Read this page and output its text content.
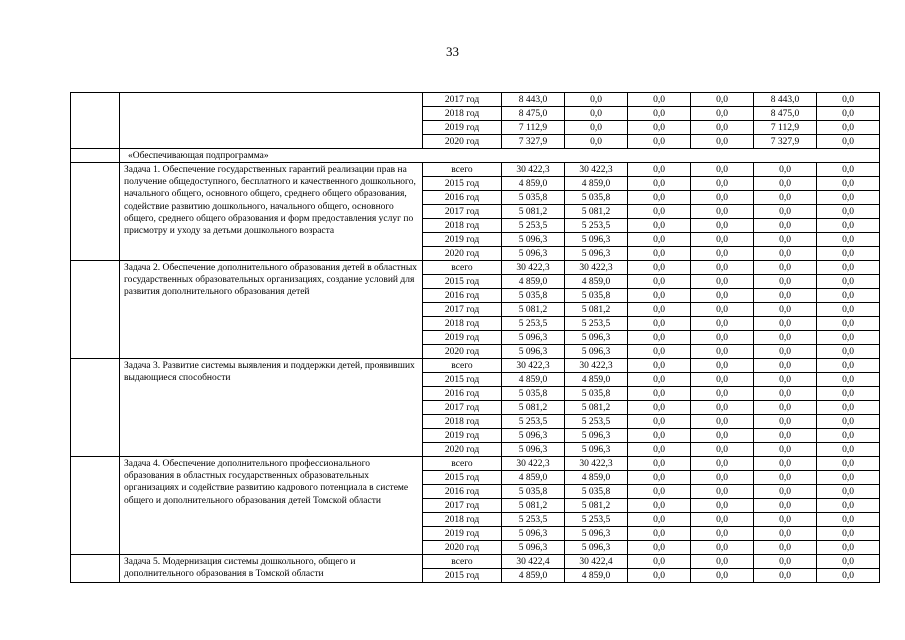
33
		2017 год	8 443,0	0,0	0,0	0,0	8 443,0	0,0
		2018 год	8 475,0	0,0	0,0	0,0	8 475,0	0,0
		2019 год	7 112,9	0,0	0,0	0,0	7 112,9	0,0
		2020 год	7 327,9	0,0	0,0	0,0	7 327,9	0,0
	«Обеспечивающая подпрограмма»							
	Задача 1. Обеспечение государственных гарантий реализации прав на получение общедоступного, бесплатного и качественного дошкольного, начального общего, основного общего, среднего общего образования, содействие развитию дошкольного, начального общего, основного общего, среднего общего образования и форм предоставления услуг по присмотру и уходу за детьми дошкольного возраста	всего	30 422,3	30 422,3	0,0	0,0	0,0	0,0
		2015 год	4 859,0	4 859,0	0,0	0,0	0,0	0,0
		2016 год	5 035,8	5 035,8	0,0	0,0	0,0	0,0
		2017 год	5 081,2	5 081,2	0,0	0,0	0,0	0,0
		2018 год	5 253,5	5 253,5	0,0	0,0	0,0	0,0
		2019 год	5 096,3	5 096,3	0,0	0,0	0,0	0,0
		2020 год	5 096,3	5 096,3	0,0	0,0	0,0	0,0
	Задача 2. Обеспечение дополнительного образования детей в областных государственных образовательных организациях, создание условий для развития дополнительного образования детей	всего	30 422,3	30 422,3	0,0	0,0	0,0	0,0
		2015 год	4 859,0	4 859,0	0,0	0,0	0,0	0,0
		2016 год	5 035,8	5 035,8	0,0	0,0	0,0	0,0
		2017 год	5 081,2	5 081,2	0,0	0,0	0,0	0,0
		2018 год	5 253,5	5 253,5	0,0	0,0	0,0	0,0
		2019 год	5 096,3	5 096,3	0,0	0,0	0,0	0,0
		2020 год	5 096,3	5 096,3	0,0	0,0	0,0	0,0
	Задача 3. Развитие системы выявления и поддержки детей, проявивших выдающиеся способности	всего	30 422,3	30 422,3	0,0	0,0	0,0	0,0
		2015 год	4 859,0	4 859,0	0,0	0,0	0,0	0,0
		2016 год	5 035,8	5 035,8	0,0	0,0	0,0	0,0
		2017 год	5 081,2	5 081,2	0,0	0,0	0,0	0,0
		2018 год	5 253,5	5 253,5	0,0	0,0	0,0	0,0
		2019 год	5 096,3	5 096,3	0,0	0,0	0,0	0,0
		2020 год	5 096,3	5 096,3	0,0	0,0	0,0	0,0
	Задача 4. Обеспечение дополнительного профессионального образования в областных государственных образовательных организациях и содействие развитию кадрового потенциала в системе общего и дополнительного образования детей Томской области	всего	30 422,3	30 422,3	0,0	0,0	0,0	0,0
		2015 год	4 859,0	4 859,0	0,0	0,0	0,0	0,0
		2016 год	5 035,8	5 035,8	0,0	0,0	0,0	0,0
		2017 год	5 081,2	5 081,2	0,0	0,0	0,0	0,0
		2018 год	5 253,5	5 253,5	0,0	0,0	0,0	0,0
		2019 год	5 096,3	5 096,3	0,0	0,0	0,0	0,0
		2020 год	5 096,3	5 096,3	0,0	0,0	0,0	0,0
	Задача 5. Модернизация системы дошкольного, общего и дополнительного образования в Томской области	всего	30 422,4	30 422,4	0,0	0,0	0,0	0,0
		2015 год	4 859,0	4 859,0	0,0	0,0	0,0	0,0
